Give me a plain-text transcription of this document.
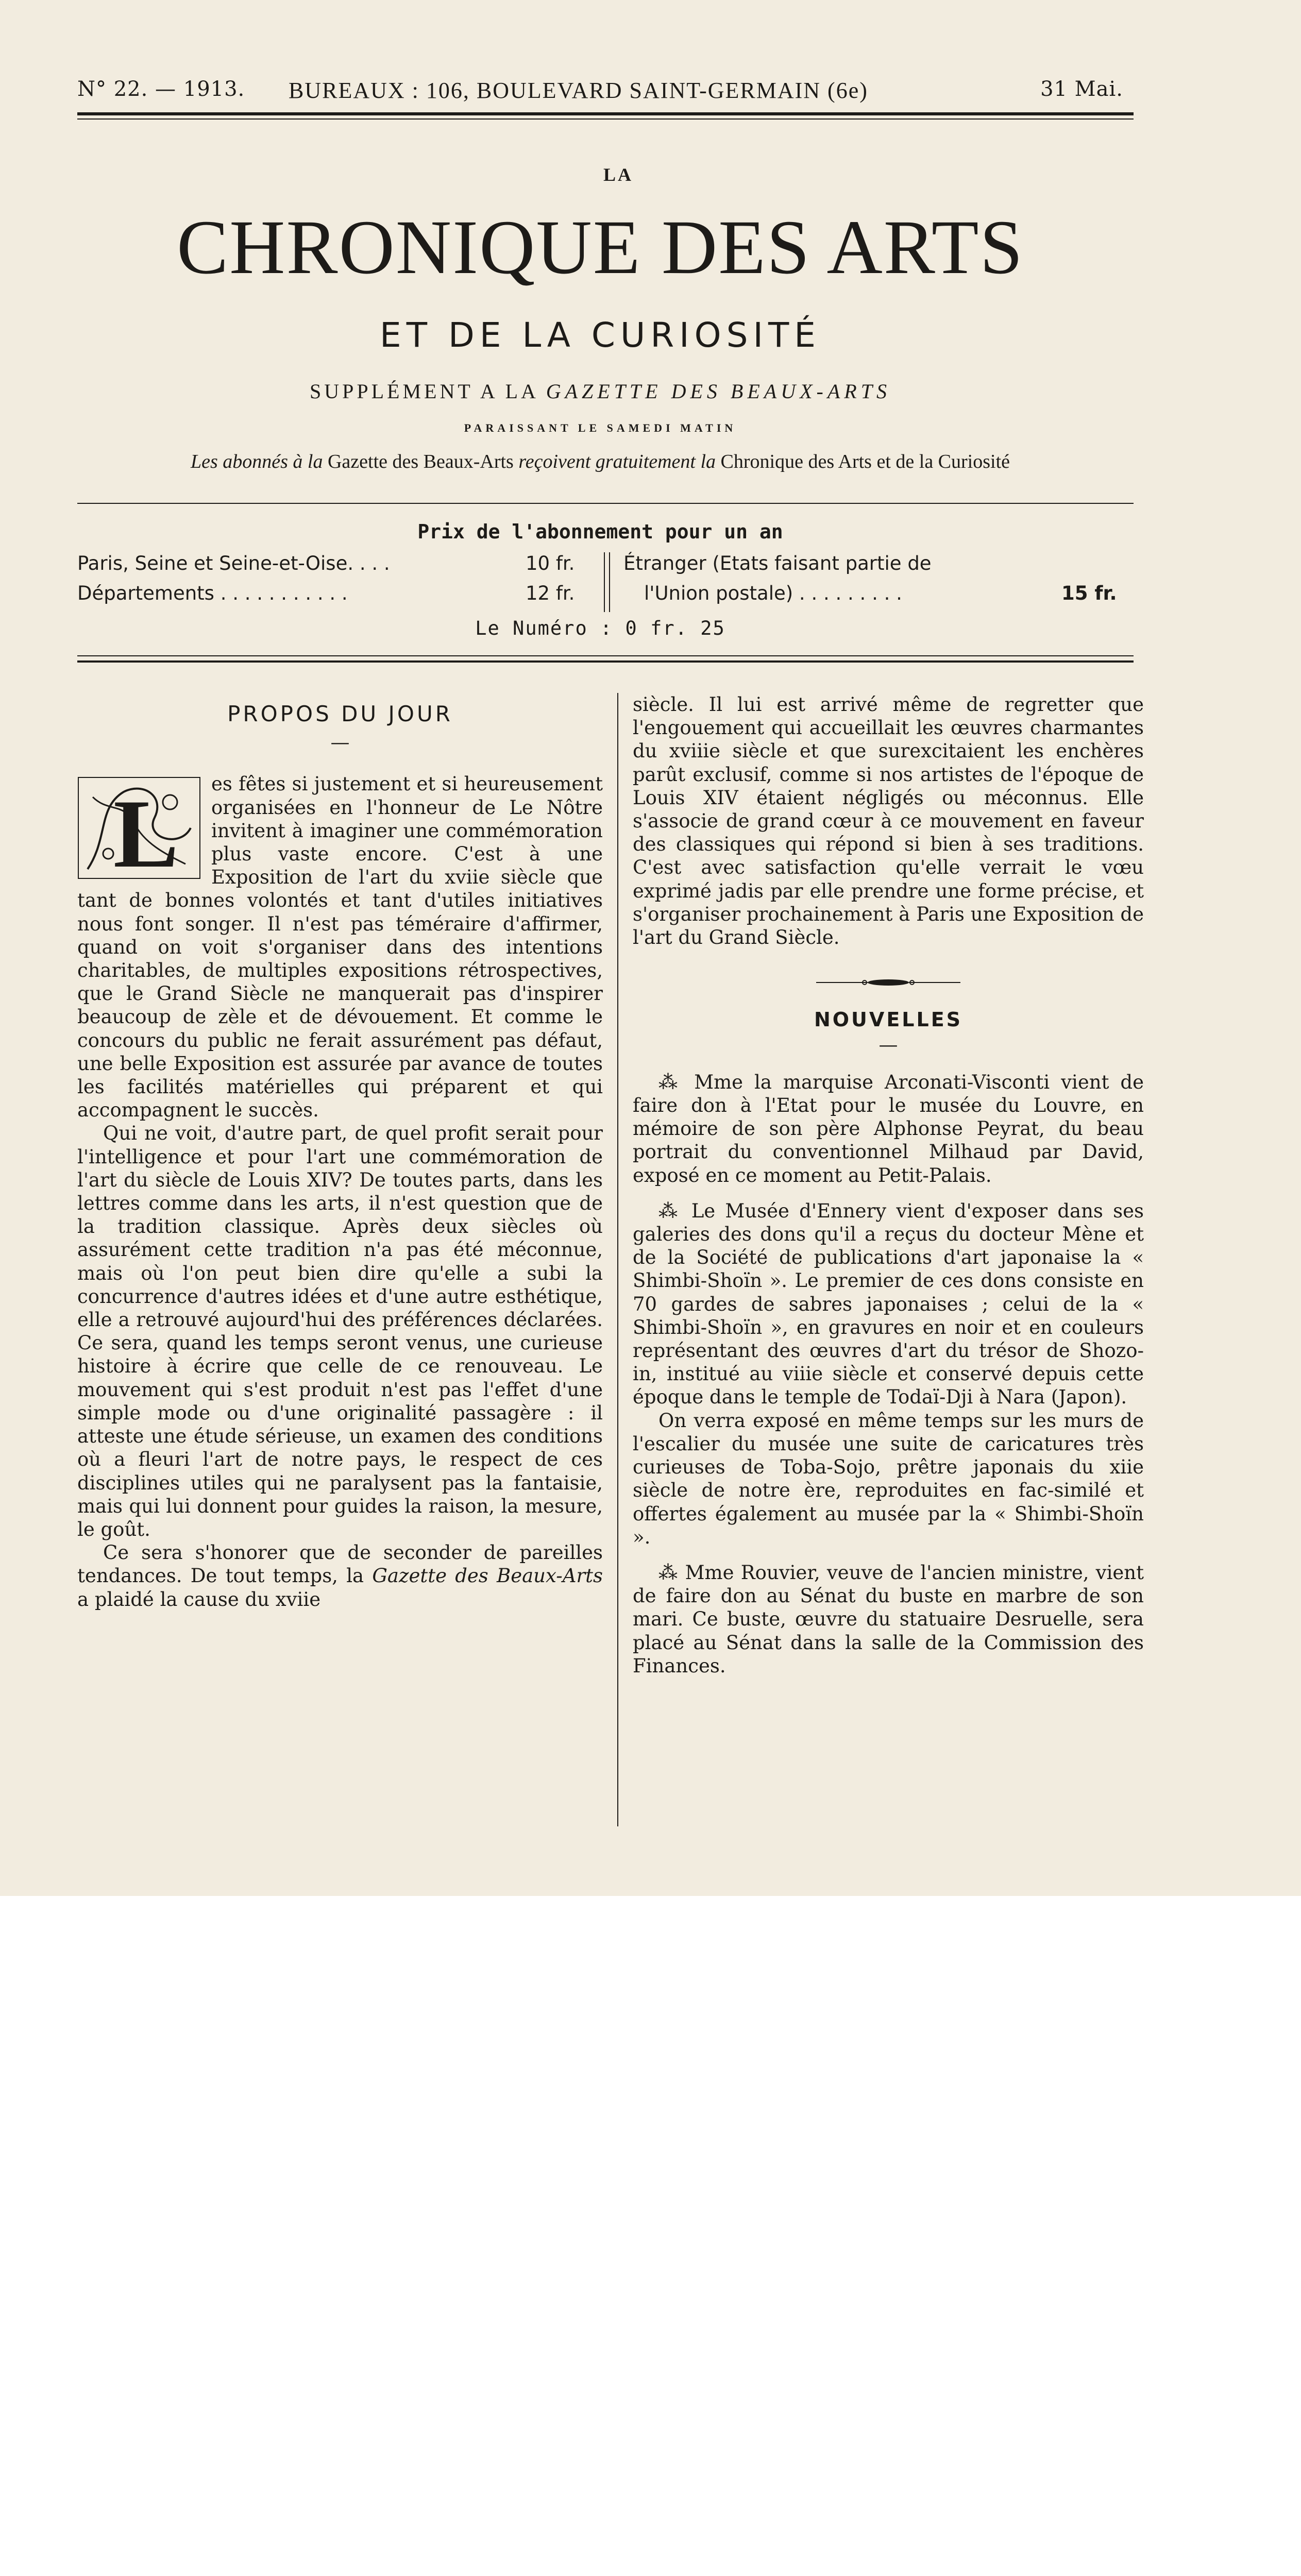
N° 22. — 1913. BUREAUX : 106, BOULEVARD SAINT-GERMAIN (6e)	31 Mai.
LA
CHRONIQUE DES ARTS
ET DE LA CURIOSITÉ
SUPPLÉMENT A LA GAZETTE DES BEAUX-ARTS
PARAISSANT LE SAMEDI MATIN
Les abonnés à la Gazette des Beaux-Arts reçoivent gratuitement la Chronique des Arts et de la Curiosité
Prix de l'abonnement pour un an
Paris, Seine et Seine-et-Oise. . . .	10 fr.
Départements . . . . . . . . . . .	12 fr.
Étranger (Etats faisant partie de
l'Union postale) . . . . . . . . .	15 fr.
Le Numéro : 0 fr. 25
PROPOS DU JOUR
—
L	es fêtes si justement et si heureusement organisées en l'honneur de Le Nôtre invitent à imaginer une commémoration plus vaste encore. C'est à une Exposition de l'art du xviie siècle que tant de bonnes volontés et tant d'utiles initiatives nous font songer. Il n'est pas téméraire d'affirmer, quand on voit s'organiser dans des intentions charitables, de multiples expositions rétrospectives, que le Grand Siècle ne manquerait pas d'inspirer beaucoup de zèle et de dévouement. Et comme le concours du public ne ferait assurément pas défaut, une belle Exposition est assurée par avance de toutes les facilités matérielles qui préparent et qui accompagnent le succès.

Qui ne voit, d'autre part, de quel profit serait pour l'intelligence et pour l'art une commémoration de l'art du siècle de Louis XIV? De toutes parts, dans les lettres comme dans les arts, il n'est question que de la tradition classique. Après deux siècles où assurément cette tradition n'a pas été méconnue, mais où l'on peut bien dire qu'elle a subi la concurrence d'autres idées et d'une autre esthétique, elle a retrouvé aujourd'hui des préférences déclarées. Ce sera, quand les temps seront venus, une curieuse histoire à écrire que celle de ce renouveau. Le mouvement qui s'est produit n'est pas l'effet d'une simple mode ou d'une originalité passagère : il atteste une étude sérieuse, un examen des conditions où a fleuri l'art de notre pays, le respect de ces disciplines utiles qui ne paralysent pas la fantaisie, mais qui lui donnent pour guides la raison, la mesure, le goût.

Ce sera s'honorer que de seconder de pareilles tendances. De tout temps, la Gazette des Beaux-Arts a plaidé la cause du xviie

siècle. Il lui est arrivé même de regretter que l'engouement qui accueillait les œuvres charmantes du xviiie siècle et que surexcitaient les enchères parût exclusif, comme si nos artistes de l'époque de Louis XIV étaient négligés ou méconnus. Elle s'associe de grand cœur à ce mouvement en faveur des classiques qui répond si bien à ses traditions. C'est avec satisfaction qu'elle verrait le vœu exprimé jadis par elle prendre une forme précise, et s'organiser prochainement à Paris une Exposition de l'art du Grand Siècle.

NOUVELLES
—

⁂ Mme la marquise Arconati-Visconti vient de faire don à l'Etat pour le musée du Louvre, en mémoire de son père Alphonse Peyrat, du beau portrait du conventionnel Milhaud par David, exposé en ce moment au Petit-Palais.

⁂ Le Musée d'Ennery vient d'exposer dans ses galeries des dons qu'il a reçus du docteur Mène et de la Société de publications d'art japonaise la « Shimbi-Shoïn ». Le premier de ces dons consiste en 70 gardes de sabres japonaises ; celui de la « Shimbi-Shoïn », en gravures en noir et en couleurs représentant des œuvres d'art du trésor de Shozo-in, institué au viiie siècle et conservé depuis cette époque dans le temple de Todaï-Dji à Nara (Japon).

On verra exposé en même temps sur les murs de l'escalier du musée une suite de caricatures très curieuses de Toba-Sojo, prêtre japonais du xiie siècle de notre ère, reproduites en fac-similé et offertes également au musée par la « Shimbi-Shoïn ».

⁂ Mme Rouvier, veuve de l'ancien ministre, vient de faire don au Sénat du buste en marbre de son mari. Ce buste, œuvre du statuaire Desruelle, sera placé au Sénat dans la salle de la Commission des Finances.
